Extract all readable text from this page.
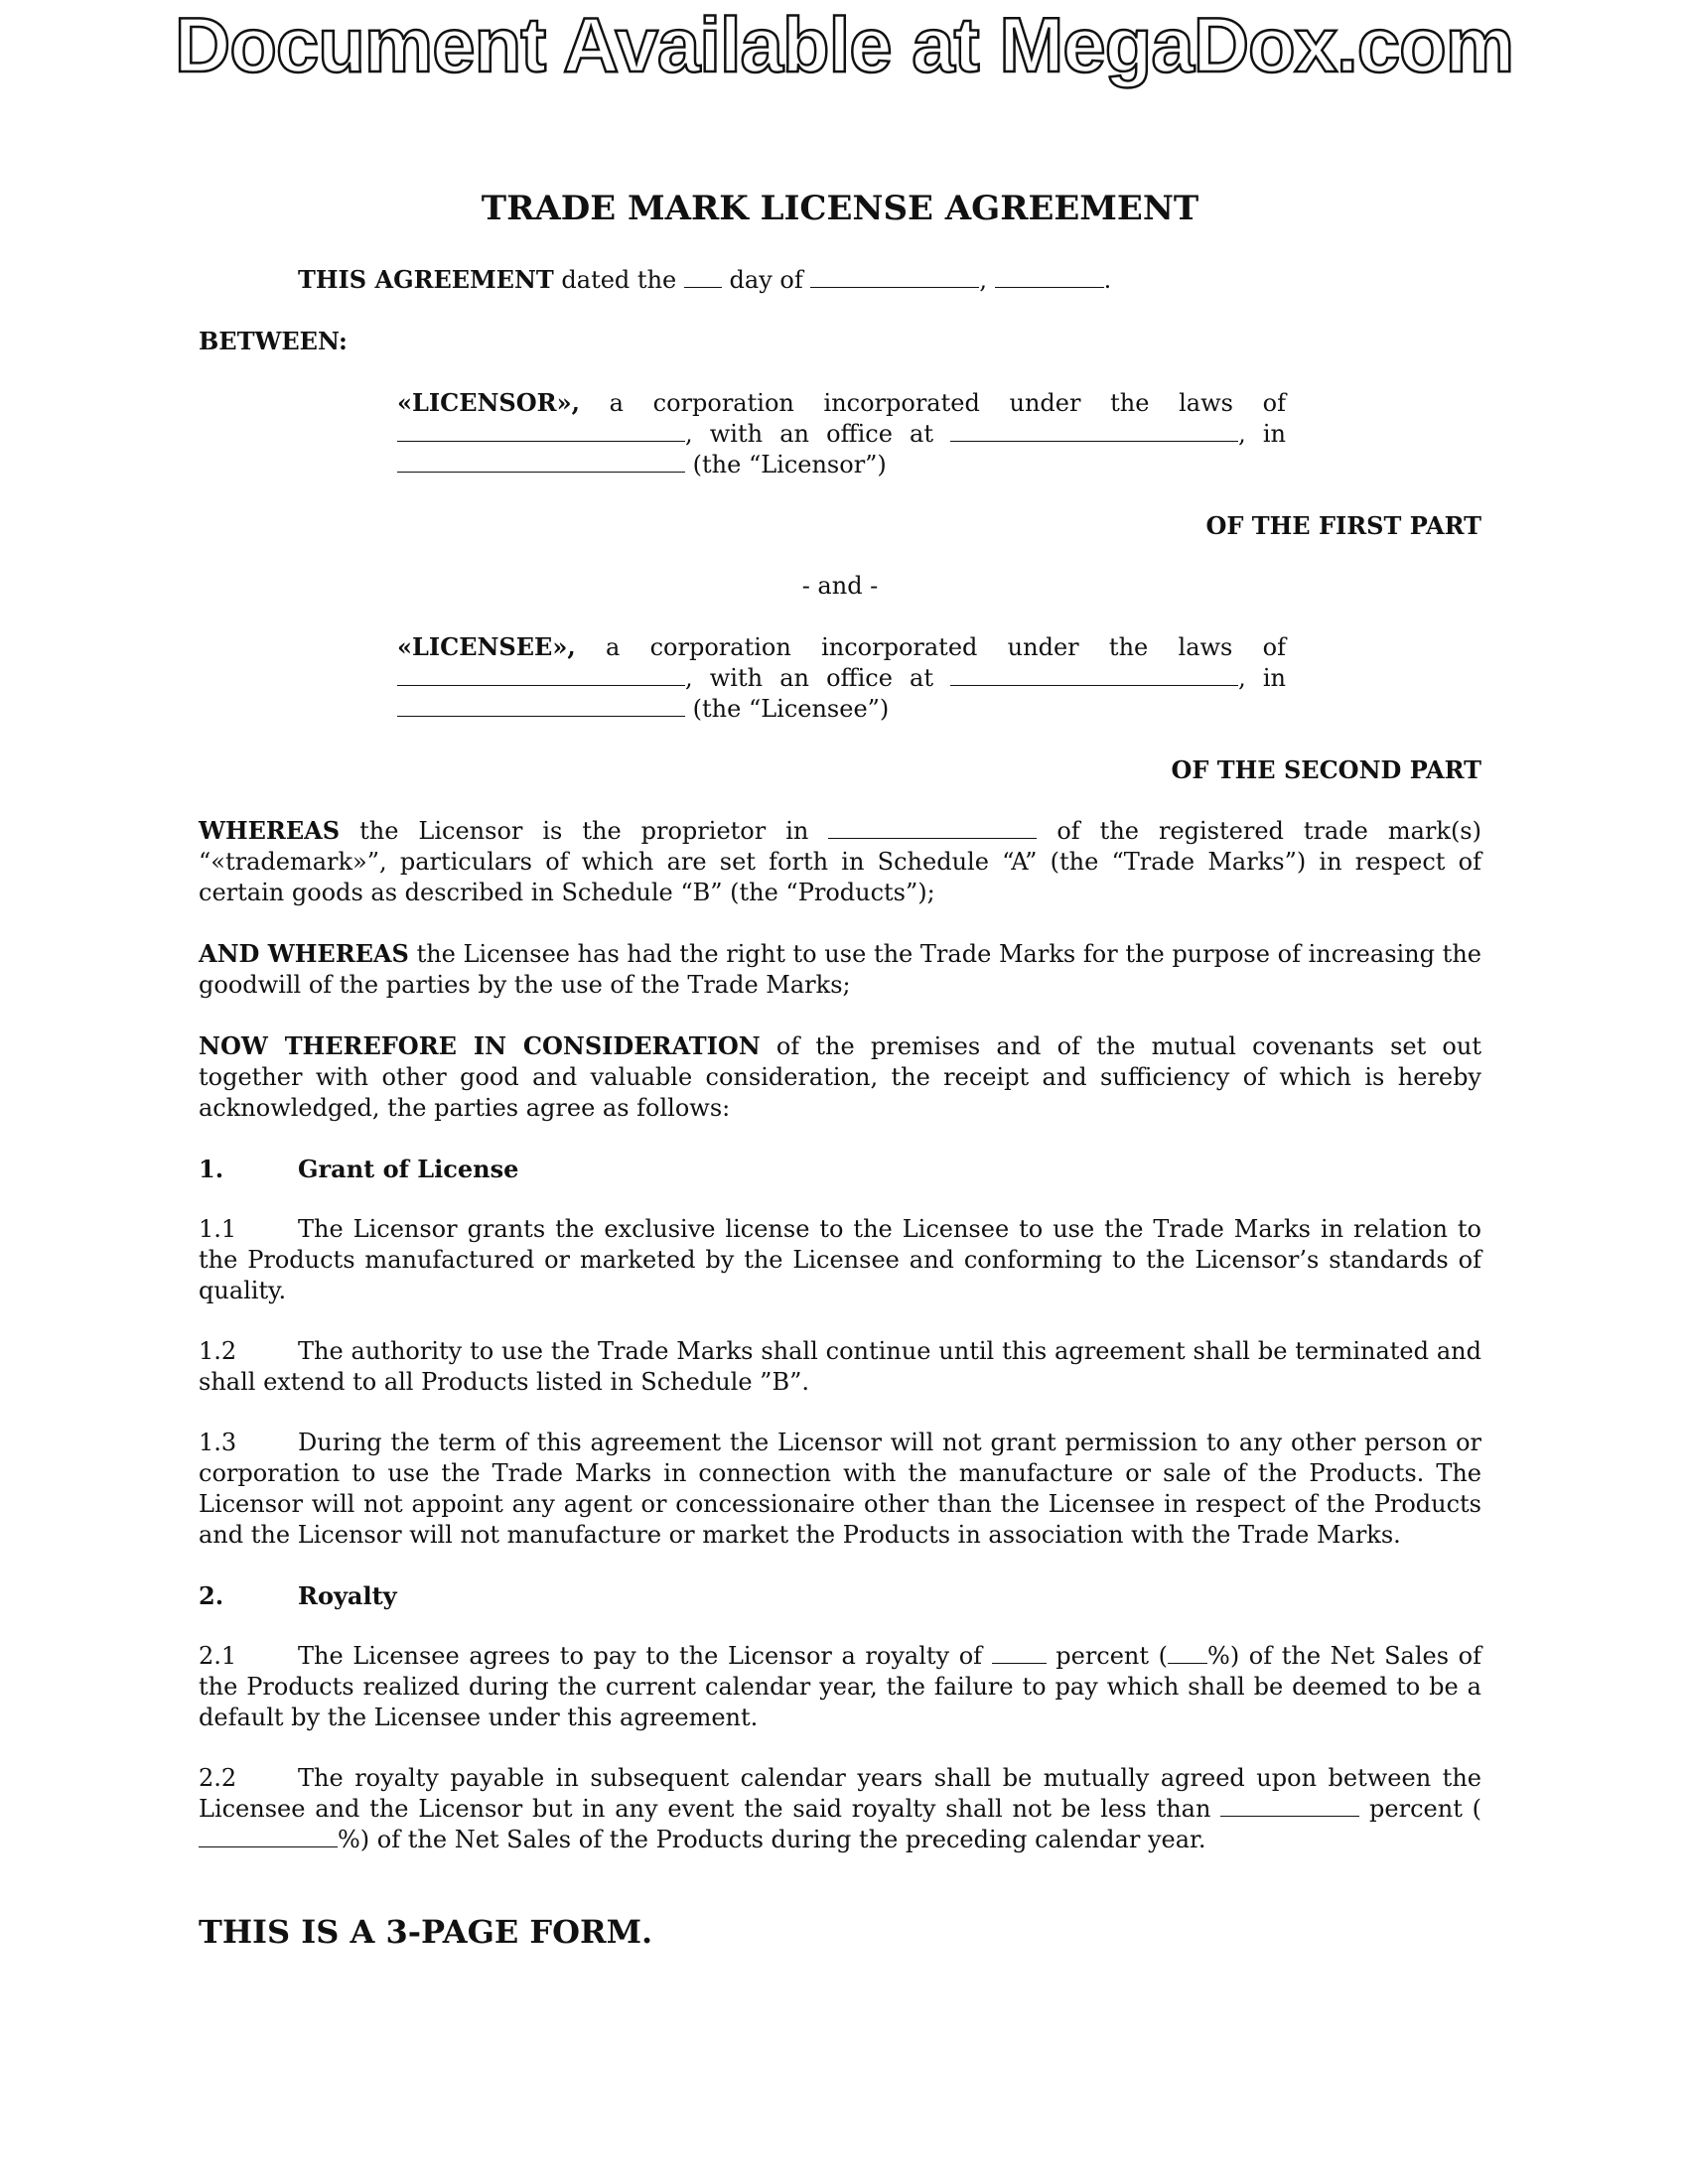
Document Available at MegaDox.com
TRADE MARK LICENSE AGREEMENT

THIS AGREEMENT dated the day of	,	.

BETWEEN:

«LICENSOR», a corporation incorporated under the laws of , with an office at	, in  (the “Licensor”)

OF THE FIRST PART

- and -

«LICENSEE», a corporation incorporated under the laws of , with an office at	, in  (the “Licensee”)

OF THE SECOND PART

WHEREAS the Licensor is the proprietor in	of the registered trade mark(s) “«trademark»”, particulars of which are set forth in Schedule “A” (the “Trade Marks”) in respect of certain goods as described in Schedule “B” (the “Products”);

AND WHEREAS the Licensee has had the right to use the Trade Marks for the purpose of increasing the goodwill of the parties by the use of the Trade Marks;

NOW THEREFORE IN CONSIDERATION of the premises and of the mutual covenants set out together with other good and valuable consideration, the receipt and sufficiency of which is hereby acknowledged, the parties agree as follows:

1.	Grant of License

1.1	The Licensor grants the exclusive license to the Licensee to use the Trade Marks in relation to the Products manufactured or marketed by the Licensee and conforming to the Licensor’s standards of quality.

1.2	The authority to use the Trade Marks shall continue until this agreement shall be terminated and shall extend to all Products listed in Schedule ”B”.

1.3	During the term of this agreement the Licensor will not grant permission to any other person or corporation to use the Trade Marks in connection with the manufacture or sale of the Products. The Licensor will not appoint any agent or concessionaire other than the Licensee in respect of the Products and the Licensor will not manufacture or market the Products in association with the Trade Marks.

2.	Royalty

2.1	The Licensee agrees to pay to the Licensor a royalty of	percent ( %) of the Net Sales of the Products realized during the current calendar year, the failure to pay which shall be deemed to be a default by the Licensee under this agreement.

2.2	The royalty payable in subsequent calendar years shall be mutually agreed upon between the Licensee and the Licensor but in any event the said royalty shall not be less than	percent (%) of the Net Sales of the Products during the preceding calendar year.

THIS IS A 3-PAGE FORM.
